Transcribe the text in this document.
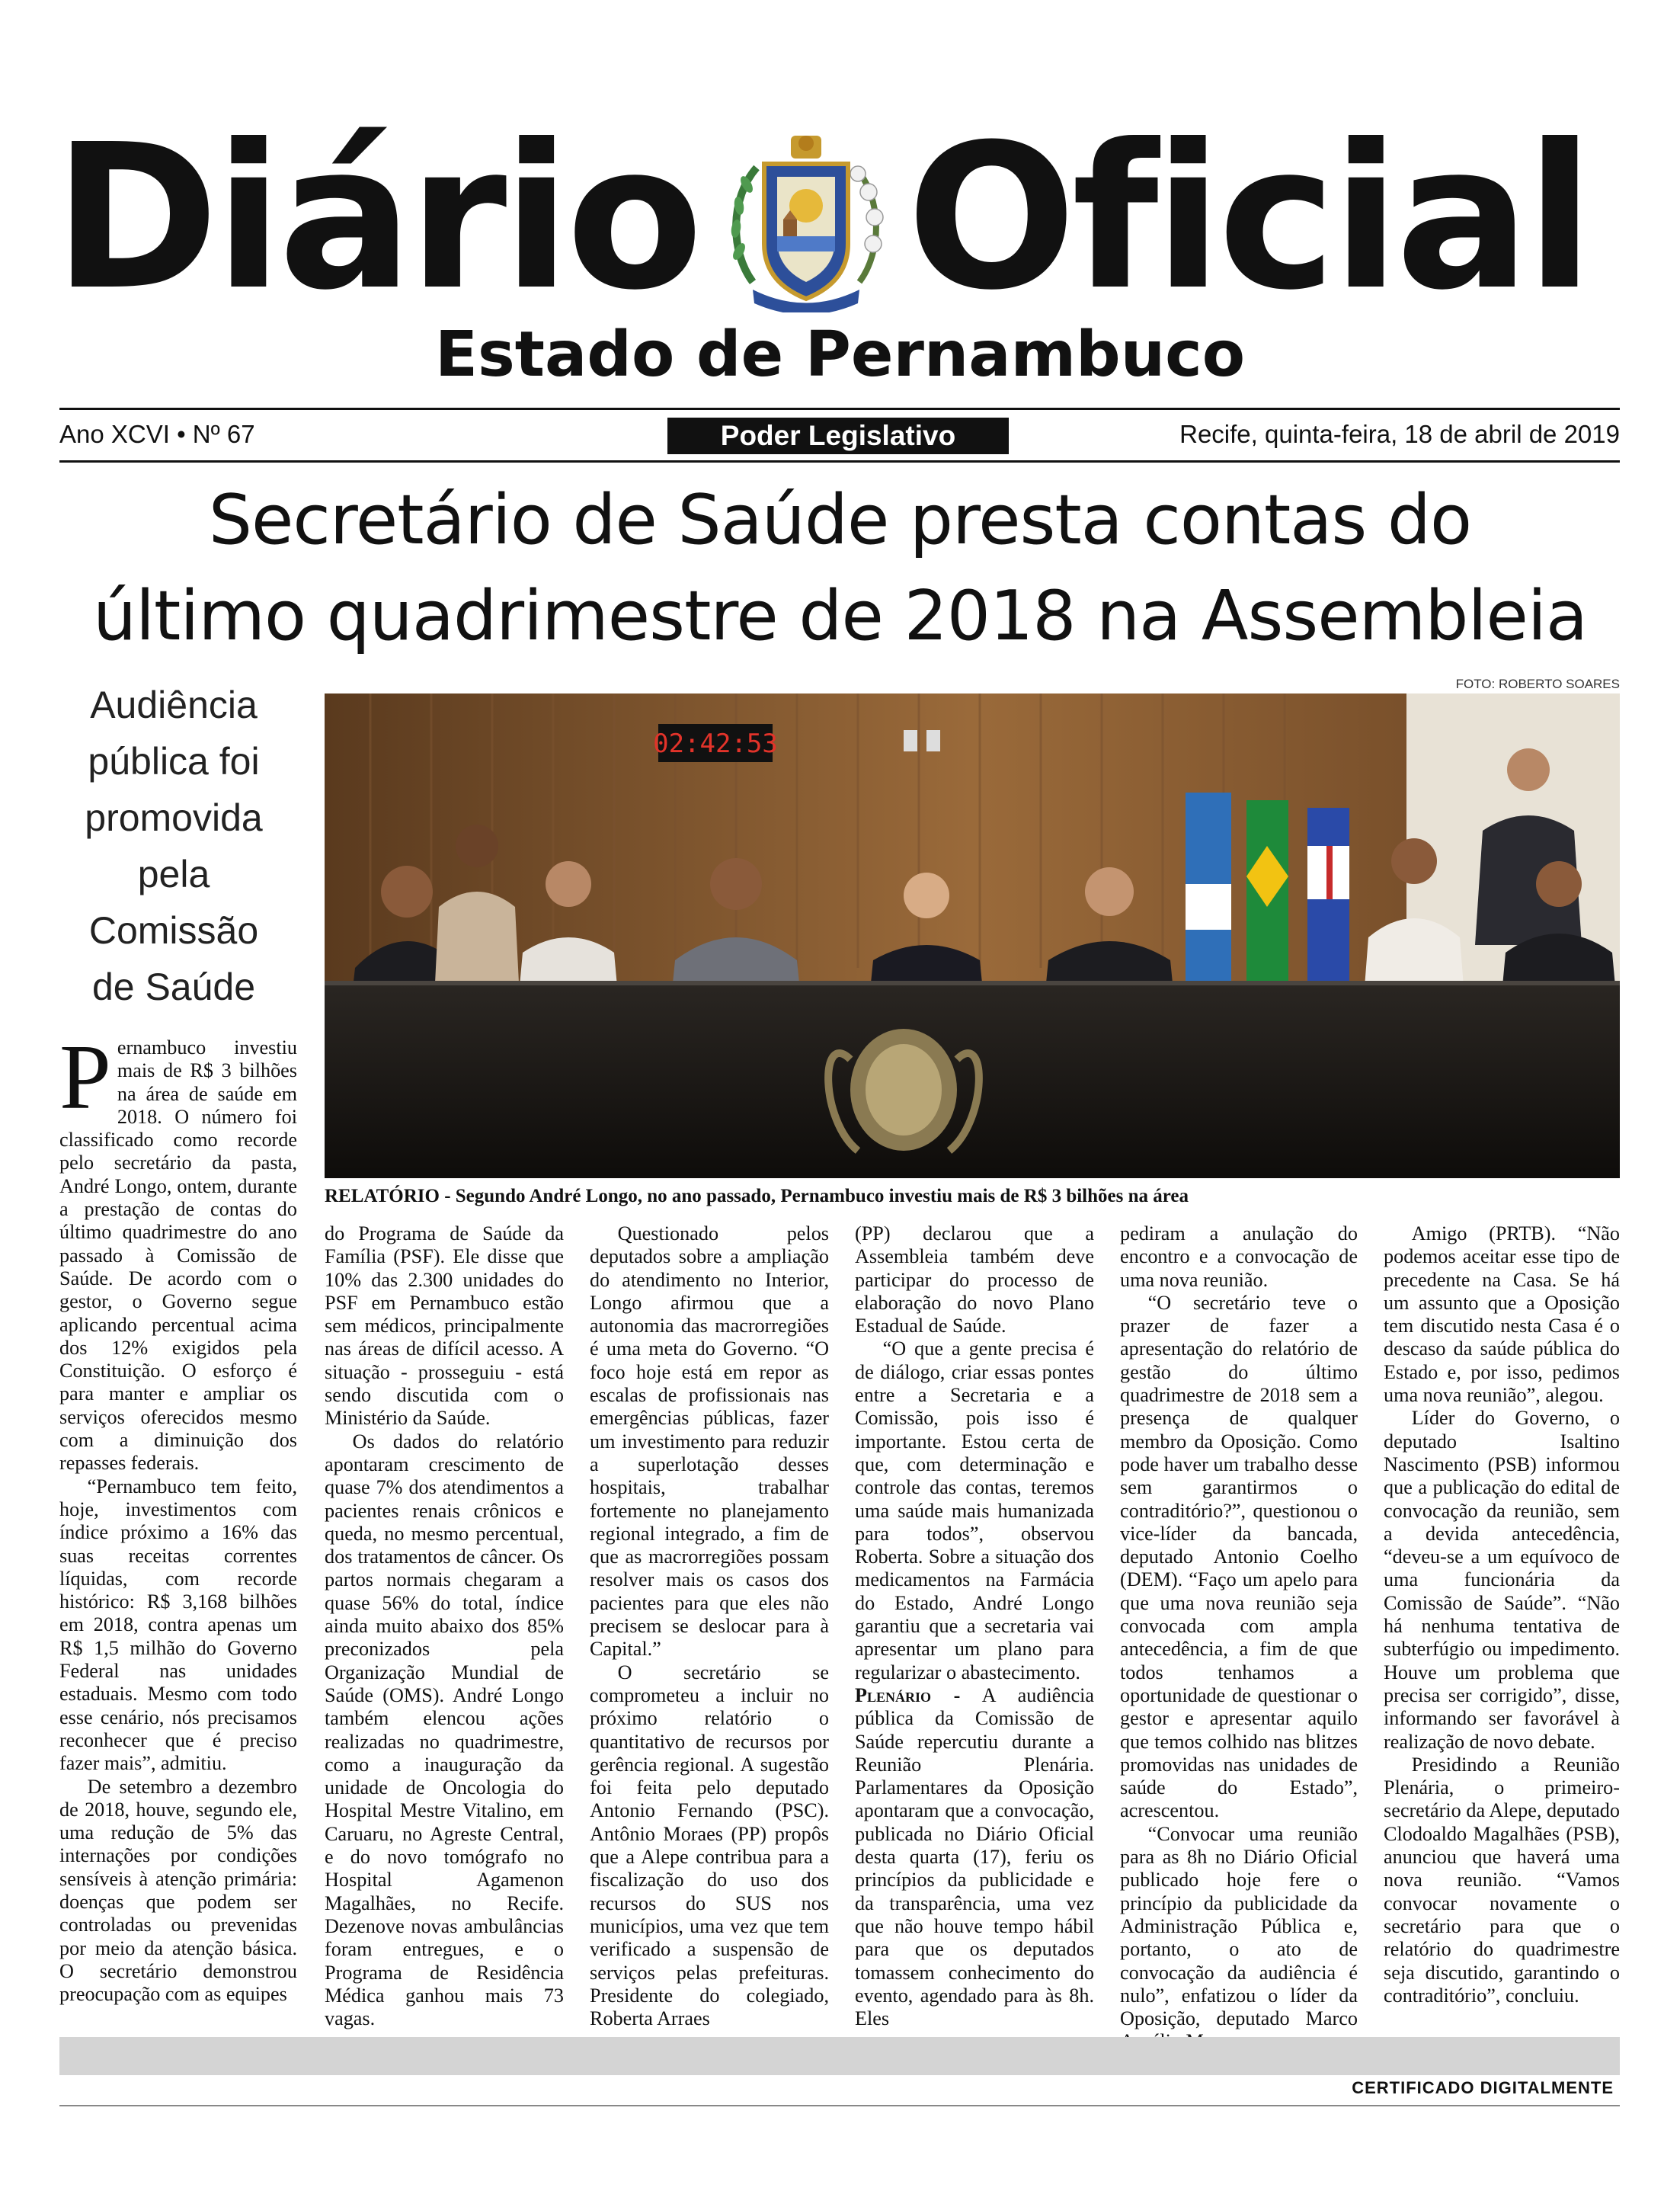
Diário Oficial
Estado de Pernambuco
Ano XCVI • Nº 67	Poder Legislativo	Recife, quinta-feira, 18 de abril de 2019
Secretário de Saúde presta contas do
último quadrimestre de 2018 na Assembleia
Audiência
pública foi
promovida
pela
Comissão
de Saúde
FOTO: ROBERTO SOARES
02:42:53
RELATÓRIO - Segundo André Longo, no ano passado, Pernambuco investiu mais de R$ 3 bilhões na área

Pernambuco investiu mais de R$ 3 bilhões na área de saúde em 2018. O número foi classificado como recorde pelo secretário da pasta, André Longo, ontem, durante a prestação de contas do último quadrimestre do ano passado à Comissão de Saúde. De acordo com o gestor, o Governo segue aplicando percentual acima dos 12% exigidos pela Constituição. O esforço é para manter e ampliar os serviços oferecidos mesmo com a diminuição dos repasses federais.

“Pernambuco tem feito, hoje, investimentos com índice próximo a 16% das suas receitas correntes líquidas, com recorde histórico: R$ 3,168 bilhões em 2018, contra apenas um R$ 1,5 milhão do Governo Federal nas unidades estaduais. Mesmo com todo esse cenário, nós precisamos reconhecer que é preciso fazer mais”, admitiu.

De setembro a dezembro de 2018, houve, segundo ele, uma redução de 5% das internações por condições sensíveis à atenção primária: doenças que podem ser controladas ou prevenidas por meio da atenção básica. O secretário demonstrou preocupação com as equipes

do Programa de Saúde da Família (PSF). Ele disse que 10% das 2.300 unidades do PSF em Pernambuco estão sem médicos, principalmente nas áreas de difícil acesso. A situação - prosseguiu - está sendo discutida com o Ministério da Saúde.

Os dados do relatório apontaram crescimento de quase 7% dos atendimentos a pacientes renais crônicos e queda, no mesmo percentual, dos tratamentos de câncer. Os partos normais chegaram a quase 56% do total, índice ainda muito abaixo dos 85% preconizados pela Organização Mundial de Saúde (OMS). André Longo também elencou ações realizadas no quadrimestre, como a inauguração da unidade de Oncologia do Hospital Mestre Vitalino, em Caruaru, no Agreste Central, e do novo tomógrafo no Hospital Agamenon Magalhães, no Recife. Dezenove novas ambulâncias foram entregues, e o Programa de Residência Médica ganhou mais 73 vagas.

Questionado pelos deputados sobre a ampliação do atendimento no Interior, Longo afirmou que a autonomia das macrorregiões é uma meta do Governo. “O foco hoje está em repor as escalas de profissionais nas emergências públicas, fazer um investimento para reduzir a superlotação desses hospitais, trabalhar fortemente no planejamento regional integrado, a fim de que as macrorregiões possam resolver mais os casos dos pacientes para que eles não precisem se deslocar para à Capital.”

O secretário se comprometeu a incluir no próximo relatório o quantitativo de recursos por gerência regional. A sugestão foi feita pelo deputado Antonio Fernando (PSC). Antônio Moraes (PP) propôs que a Alepe contribua para a fiscalização do uso dos recursos do SUS nos municípios, uma vez que tem verificado a suspensão de serviços pelas prefeituras. Presidente do colegiado, Roberta Arraes

(PP) declarou que a Assembleia também deve participar do processo de elaboração do novo Plano Estadual de Saúde.

“O que a gente precisa é de diálogo, criar essas pontes entre a Secretaria e a Comissão, pois isso é importante. Estou certa de que, com determinação e controle das contas, teremos uma saúde mais humanizada para todos”, observou Roberta. Sobre a situação dos medicamentos na Farmácia do Estado, André Longo garantiu que a secretaria vai apresentar um plano para regularizar o abastecimento.

Plenário - A audiência pública da Comissão de Saúde repercutiu durante a Reunião Plenária. Parlamentares da Oposição apontaram que a convocação, publicada no Diário Oficial desta quarta (17), feriu os princípios da publicidade e da transparência, uma vez que não houve tempo hábil para que os deputados tomassem conhecimento do evento, agendado para às 8h. Eles

pediram a anulação do encontro e a convocação de uma nova reunião.

“O secretário teve o prazer de fazer a apresentação do relatório de gestão do último quadrimestre de 2018 sem a presença de qualquer membro da Oposição. Como pode haver um trabalho desse sem garantirmos o contraditório?”, questionou o vice-líder da bancada, deputado Antonio Coelho (DEM). “Faço um apelo para que uma nova reunião seja convocada com ampla antecedência, a fim de que todos tenhamos a oportunidade de questionar o gestor e apresentar aquilo que temos colhido nas blitzes promovidas nas unidades de saúde do Estado”, acrescentou.

“Convocar uma reunião para as 8h no Diário Oficial publicado hoje fere o princípio da publicidade da Administração Pública e, portanto, o ato de convocação da audiência é nulo”, enfatizou o líder da Oposição, deputado Marco

Amigo (PRTB). “Não podemos aceitar esse tipo de precedente na Casa. Se há um assunto que a Oposição tem discutido nesta Casa é o descaso da saúde pública do Estado e, por isso, pedimos uma nova reunião”, alegou.

Líder do Governo, o deputado Isaltino Nascimento (PSB) informou que a publicação do edital de convocação da reunião, sem a devida antecedência, “deveu-se a um equívoco de uma funcionária da Comissão de Saúde”. “Não há nenhuma tentativa de subterfúgio ou impedimento. Houve um problema que precisa ser corrigido”, disse, informando ser favorável à realização de novo debate.

Presidindo a Reunião Plenária, o primeiro-secretário da Alepe, deputado Clodoaldo Magalhães (PSB), anunciou que haverá uma nova reunião. “Vamos convocar novamente o secretário para que o relatório do quadrimestre seja discutido, garantindo o contraditório”, concluiu.

CERTIFICADO DIGITALMENTE
